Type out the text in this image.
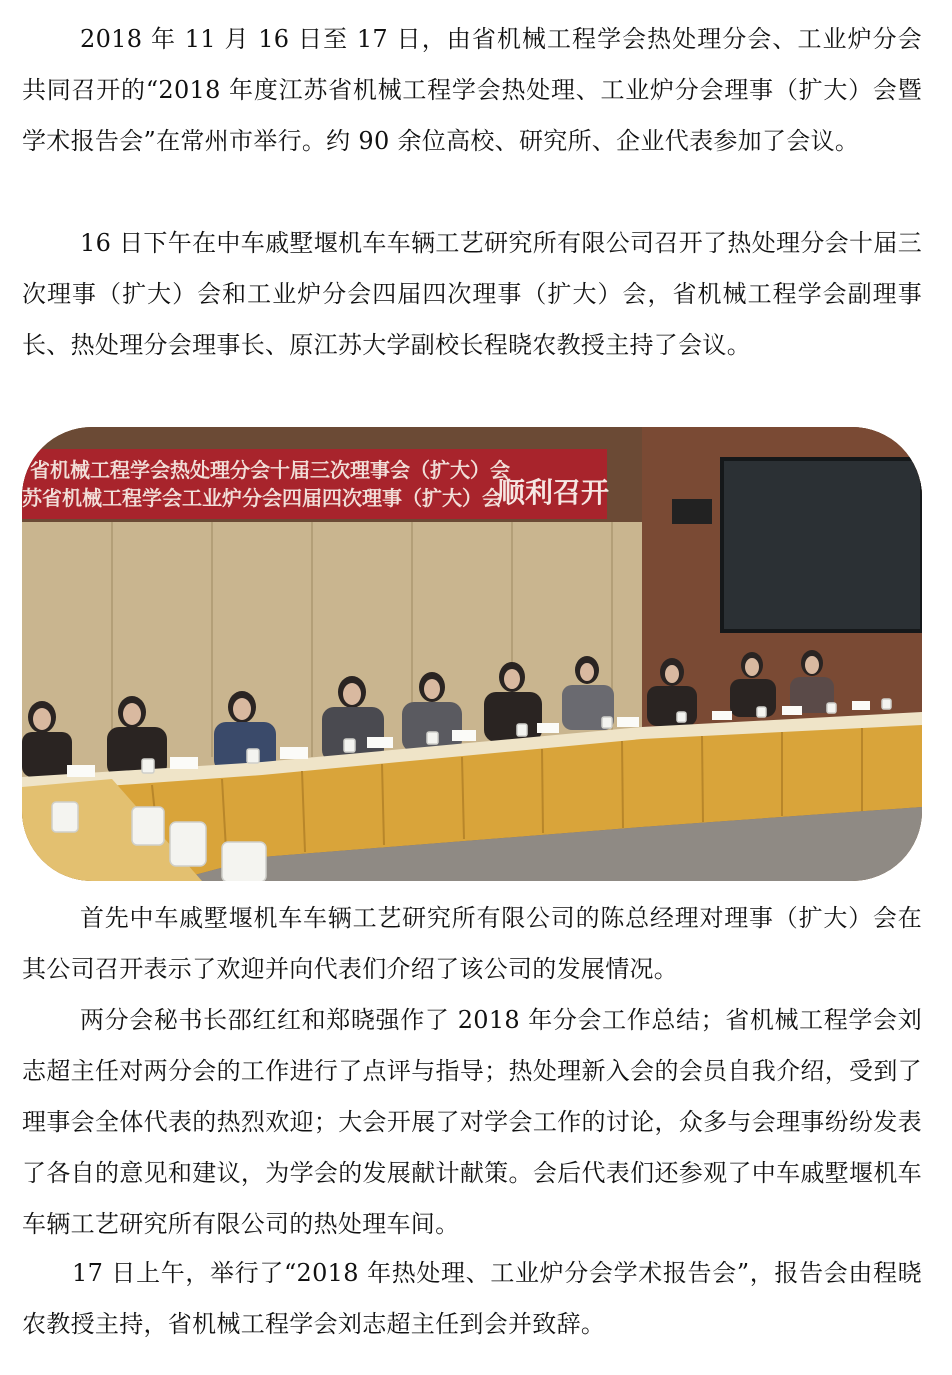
2018 年 11 月 16 日至 17 日，由省机械工程学会热处理分会、工业炉分会共同召开的“2018 年度江苏省机械工程学会热处理、工业炉分会理事（扩大）会暨学术报告会”在常州市举行。约 90 余位高校、研究所、企业代表参加了会议。

16 日下午在中车戚墅堰机车车辆工艺研究所有限公司召开了热处理分会十届三次理事（扩大）会和工业炉分会四届四次理事（扩大）会，省机械工程学会副理事长、热处理分会理事长、原江苏大学副校长程晓农教授主持了会议。

省机械工程学会热处理分会十届三次理事会（扩大）会
苏省机械工程学会工业炉分会四届四次理事（扩大）会
顺利召开

首先中车戚墅堰机车车辆工艺研究所有限公司的陈总经理对理事（扩大）会在其公司召开表示了欢迎并向代表们介绍了该公司的发展情况。

两分会秘书长邵红红和郑晓强作了 2018 年分会工作总结；省机械工程学会刘志超主任对两分会的工作进行了点评与指导；热处理新入会的会员自我介绍，受到了理事会全体代表的热烈欢迎；大会开展了对学会工作的讨论，众多与会理事纷纷发表了各自的意见和建议，为学会的发展献计献策。会后代表们还参观了中车戚墅堰机车车辆工艺研究所有限公司的热处理车间。

17 日上午，举行了“2018 年热处理、工业炉分会学术报告会”，报告会由程晓农教授主持，省机械工程学会刘志超主任到会并致辞。
